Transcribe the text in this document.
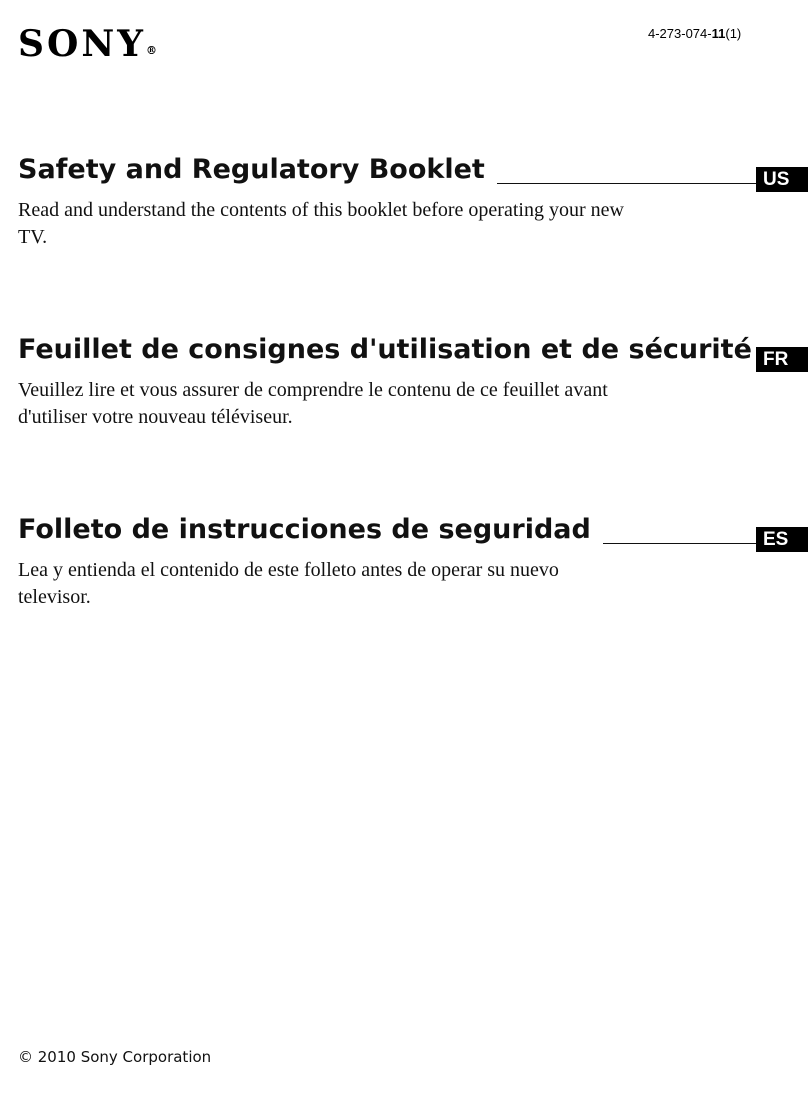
SONY®
4-273-074-11(1)
Safety and Regulatory Booklet	US
Read and understand the contents of this booklet before operating your new TV.
Feuillet de consignes d'utilisation et de sécurité FR
Veuillez lire et vous assurer de comprendre le contenu de ce feuillet avant d'utiliser votre nouveau téléviseur.
Folleto de instrucciones de seguridad	ES
Lea y entienda el contenido de este folleto antes de operar su nuevo televisor.
© 2010 Sony Corporation
